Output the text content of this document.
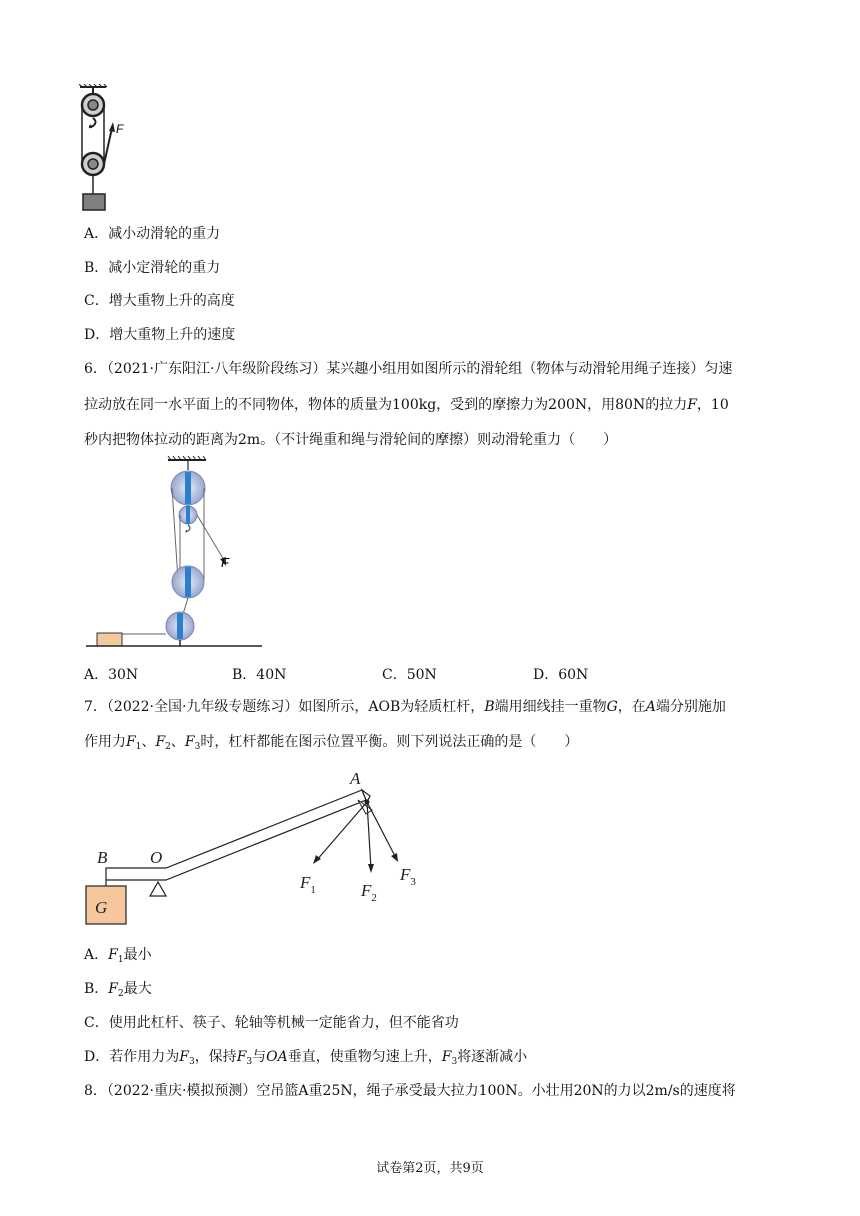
F
A．减小动滑轮的重力
B．减小定滑轮的重力
C．增大重物上升的高度
D．增大重物上升的速度
6．（2021·广东阳江·八年级阶段练习）某兴趣小组用如图所示的滑轮组（物体与动滑轮用绳子连接）匀速
拉动放在同一水平面上的不同物体，物体的质量为100kg，受到的摩擦力为200N，用80N的拉力F，10
秒内把物体拉动的距离为2m。（不计绳重和绳与滑轮间的摩擦）则动滑轮重力（　　）
F
A．30N	B．40N	C．50N	D．60N
7．（2022·全国·九年级专题练习）如图所示，AOB为轻质杠杆，B端用细线挂一重物G，在A端分别施加
作用力$F_1$、$F_2$、$F_3$时，杠杆都能在图示位置平衡。则下列说法正确的是（　　）
A
B	O
G
$F_1$	$F_2$
$F_3$
A．$F_1$最小
B．$F_2$最大
C．使用此杠杆、筷子、轮轴等机械一定能省力，但不能省功
D．若作用力为$F_3$，保持$F_3$与OA垂直，使重物匀速上升，$F_3$将逐渐减小
8．（2022·重庆·模拟预测）空吊篮A重25N，绳子承受最大拉力100N。小壮用20N的力以2m/s的速度将
试卷第2页，共9页
